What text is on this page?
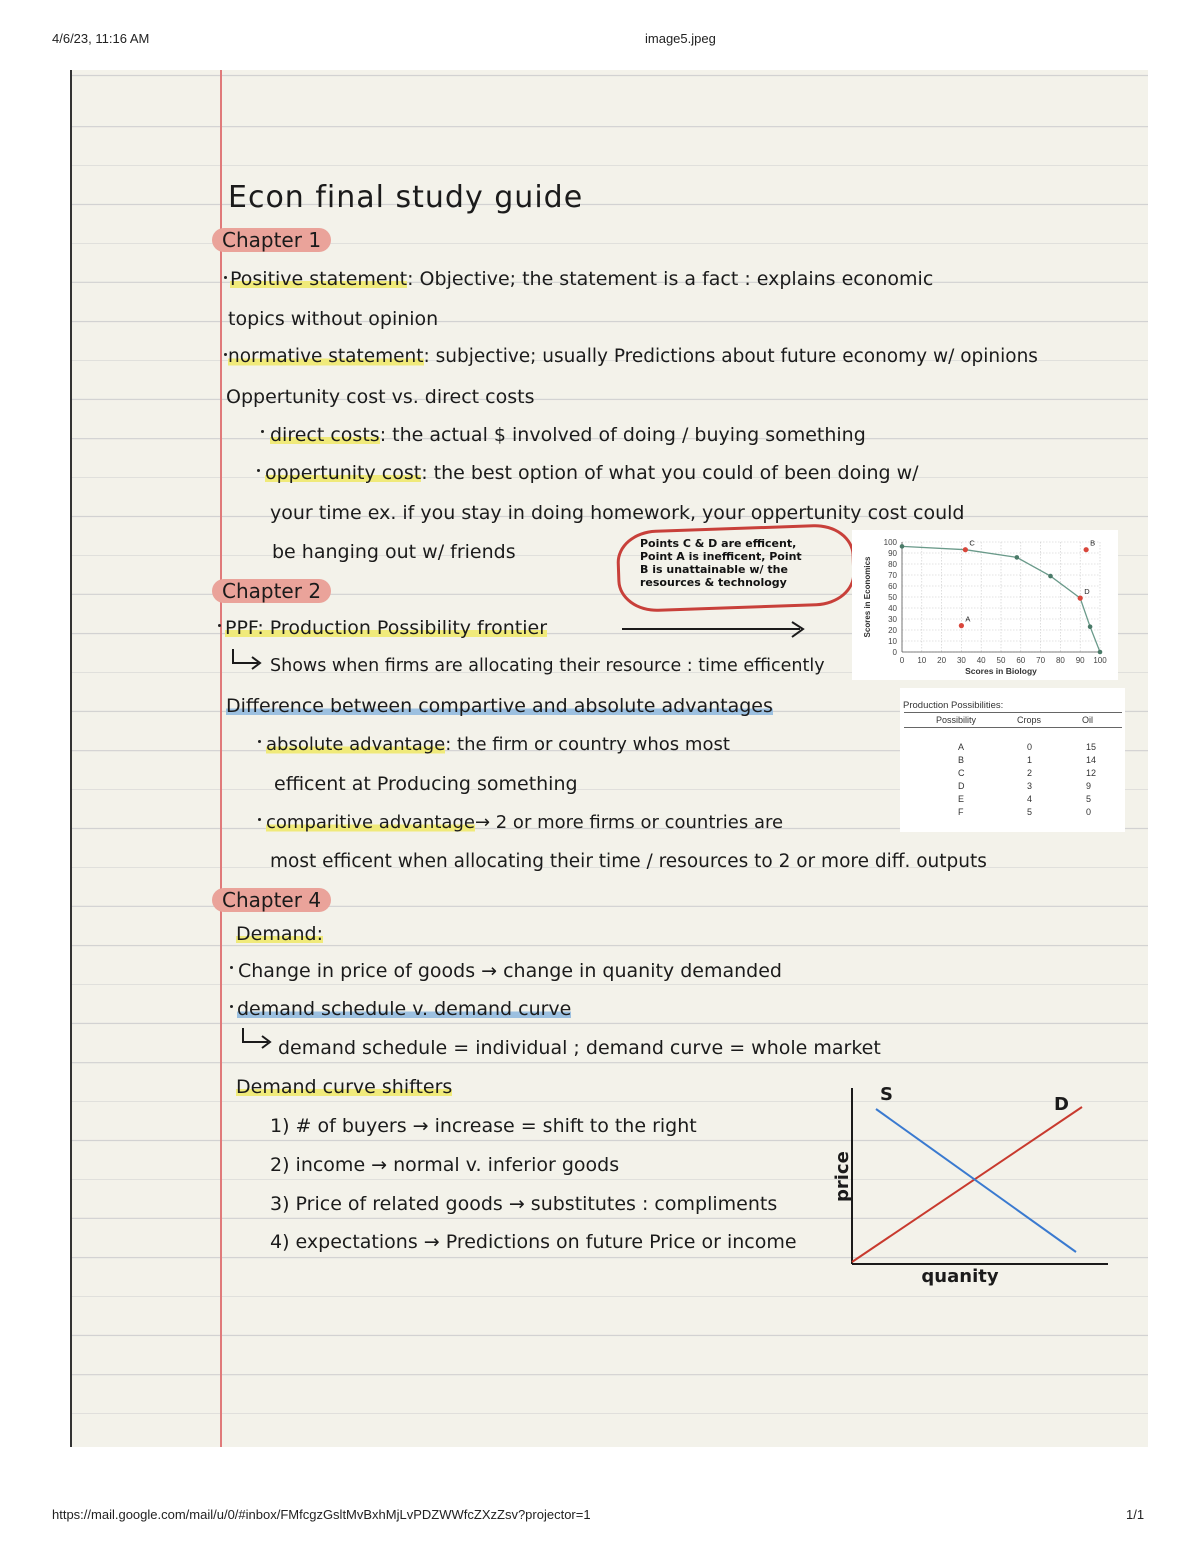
4/6/23, 11:16 AM	image5.jpeg
https://mail.google.com/mail/u/0/#inbox/FMfcgzGsltMvBxhMjLvPDZWWfcZXzZsv?projector=1	1/1
Econ final study guide
Chapter 1
Positive statement: Objective; the statement is a fact : explains economic
topics without opinion
normative statement: subjective; usually Predictions about future economy w/ opinions
Oppertunity cost vs. direct costs
direct costs: the actual $ involved of doing / buying something
oppertunity cost: the best option of what you could of been doing w/
your time ex. if you stay in doing homework, your oppertunity cost could
be hanging out w/ friends	Points C & D are efficent,
Point A is inefficent, Point
B is unattainable w/ the
resources & technology
0 10 20 30 40 50 60 70 80 90 100
0
10
20
30
40
50
60
70
80
90
100
Scores in Biology
Scores in Economics
C	B
D
A
Chapter 2
PPF: Production Possibility frontier
Shows when firms are allocating their resource : time efficently
Difference between compartive and absolute advantages
absolute advantage: the firm or country whos most
efficent at Producing something
comparitive advantage→ 2 or more firms or countries are
most efficent when allocating their time / resources to 2 or more diff. outputs
Production Possibilities:
Possibility	Crops	Oil
A	0	15
B	1	14
C	2	12
D	3	9
E	4	5
F	5	0
Chapter 4
Demand:
Change in price of goods → change in quanity demanded
demand schedule v. demand curve
demand schedule = individual ; demand curve = whole market
Demand curve shifters
1) # of buyers → increase = shift to the right
2) income → normal v. inferior goods
3) Price of related goods → substitutes : compliments
4) expectations → Predictions on future Price or income
price
quanity
S	D
